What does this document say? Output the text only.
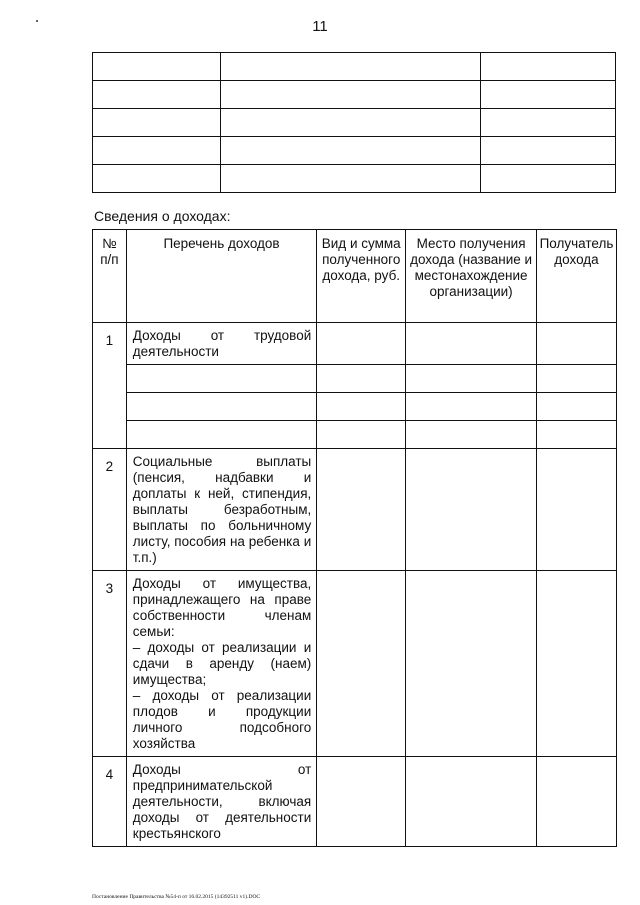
11

Сведения о доходах:
№
п/п	Перечень доходов	Вид и сумма полученного дохода, руб.	Место получения дохода (название и местонахождение организации)	Получатель дохода
1	Доходы от трудовой деятельности			

2	Социальные выплаты (пенсия, надбавки и доплаты к ней, стипендия, выплаты безработным, выплаты по больничному листу, пособия на ребенка и т.п.)			
3	Доходы от имущества, принадлежащего на праве собственности членам семьи:
– доходы от реализации и сдачи в аренду (наем) имущества;
– доходы от реализации плодов и продукции личного подсобного хозяйства			
4	Доходы от предпринимательской деятельности, включая доходы от деятельности крестьянского			
Постановление Правительства №54-п от 16.02.2015 (14392511 v1).DOC
